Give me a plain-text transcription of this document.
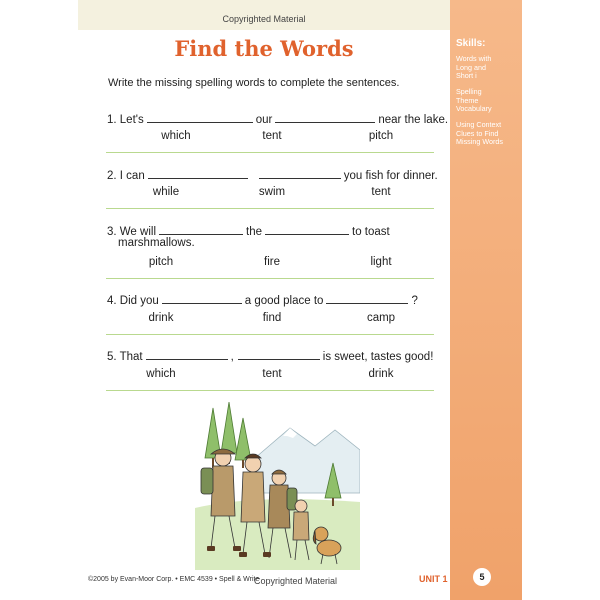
Copyrighted Material
Skills:
Words with
Long and
Short i
Spelling
Theme
Vocabulary
Using Context
Clues to Find
Missing Words
Find the Words
Write the missing spelling words to complete the sentences.
1. Let's	our	near the lake.
which	tent	pitch
2. I can	you fish for dinner.
while	swim	tent
3. We will	the	to toast
marshmallows.
pitch	fire	light
4. Did you	a good place to	?
drink	find	camp
5. That	,	is sweet, tastes good!
which	tent	drink
©2005 by Evan-Moor Corp. • EMC 4539 • Spell & Write
Copyrighted Material	UNIT 1	5
